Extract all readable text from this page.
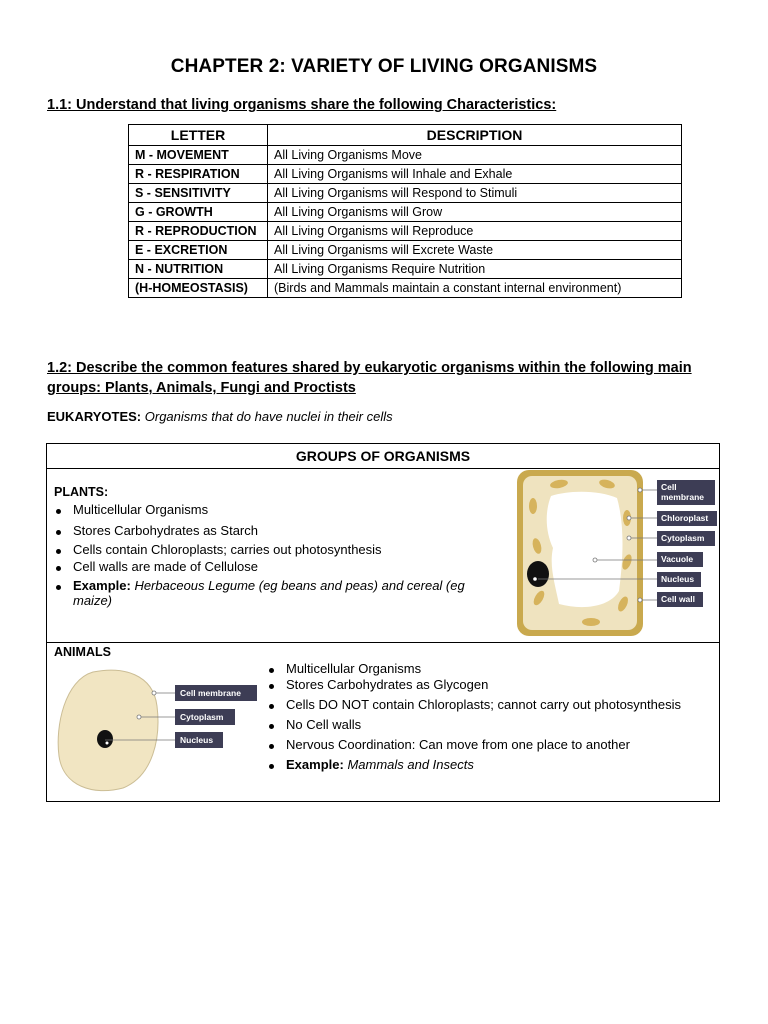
CHAPTER 2: VARIETY OF LIVING ORGANISMS
1.1: Understand that living organisms share the following Characteristics:
LETTER	DESCRIPTION
M - MOVEMENT	All Living Organisms Move
R - RESPIRATION	All Living Organisms will Inhale and Exhale
S - SENSITIVITY	All Living Organisms will Respond to Stimuli
G - GROWTH	All Living Organisms will Grow
R - REPRODUCTION	All Living Organisms will Reproduce
E - EXCRETION	All Living Organisms will Excrete Waste
N - NUTRITION	All Living Organisms Require Nutrition
(H-HOMEOSTASIS)	(Birds and Mammals maintain a constant internal environment)
1.2: Describe the common features shared by eukaryotic organisms within the following main groups: Plants, Animals, Fungi and Proctists
EUKARYOTES: Organisms that do have nuclei in their cells
GROUPS OF ORGANISMS
PLANTS:
Multicellular Organisms
Stores Carbohydrates as Starch
Cells contain Chloroplasts; carries out photosynthesis
Cell walls are made of Cellulose
Example: Herbaceous Legume (eg beans and peas) and cereal (eg maize)
Cell
membrane
Chloroplast
Cytoplasm
Vacuole
Nucleus
Cell wall
ANIMALS
Cell membrane
Cytoplasm
Nucleus
Multicellular Organisms
Stores Carbohydrates as Glycogen
Cells DO NOT contain Chloroplasts; cannot carry out photosynthesis
No Cell walls
Nervous Coordination: Can move from one place to another
Example: Mammals and Insects
